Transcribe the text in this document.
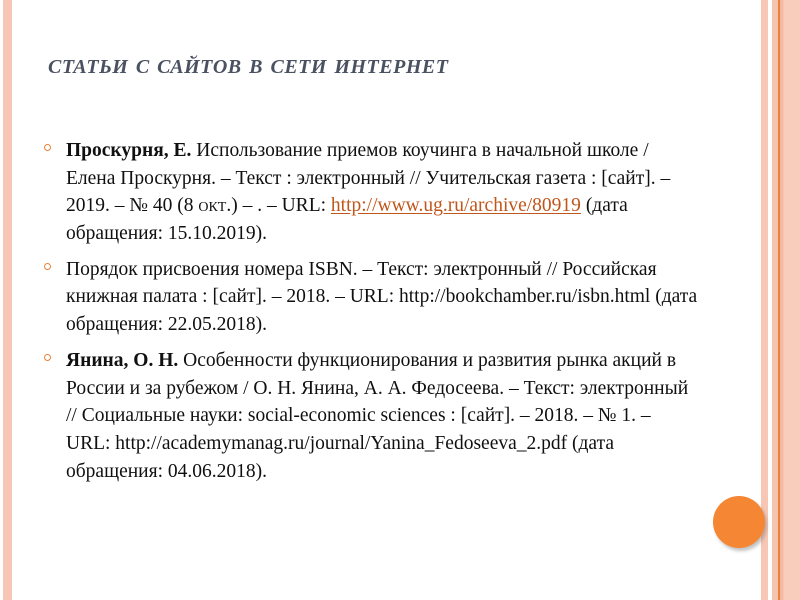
статьи с сайтов в сети интернет
Проскурня, Е. Использование приемов коучинга в начальной школе / Елена Проскурня. – Текст : электронный // Учительская газета : [сайт]. – 2019. – № 40 (8 окт.) – . – URL: http://www.ug.ru/archive/80919 (дата обращения: 15.10.2019).
Порядок присвоения номера ISBN. – Текст: электронный // Российская книжная палата : [сайт]. – 2018. – URL: http://bookchamber.ru/isbn.html (дата обращения: 22.05.2018).
Янина, О. Н. Особенности функционирования и развития рынка акций в России и за рубежом / О. Н. Янина, А. А. Федосеева. – Текст: электронный // Социальные науки: social-economic sciences : [сайт]. – 2018. – № 1. – URL: http://academymanag.ru/journal/Yanina_Fedoseeva_2.pdf (дата обращения: 04.06.2018).
